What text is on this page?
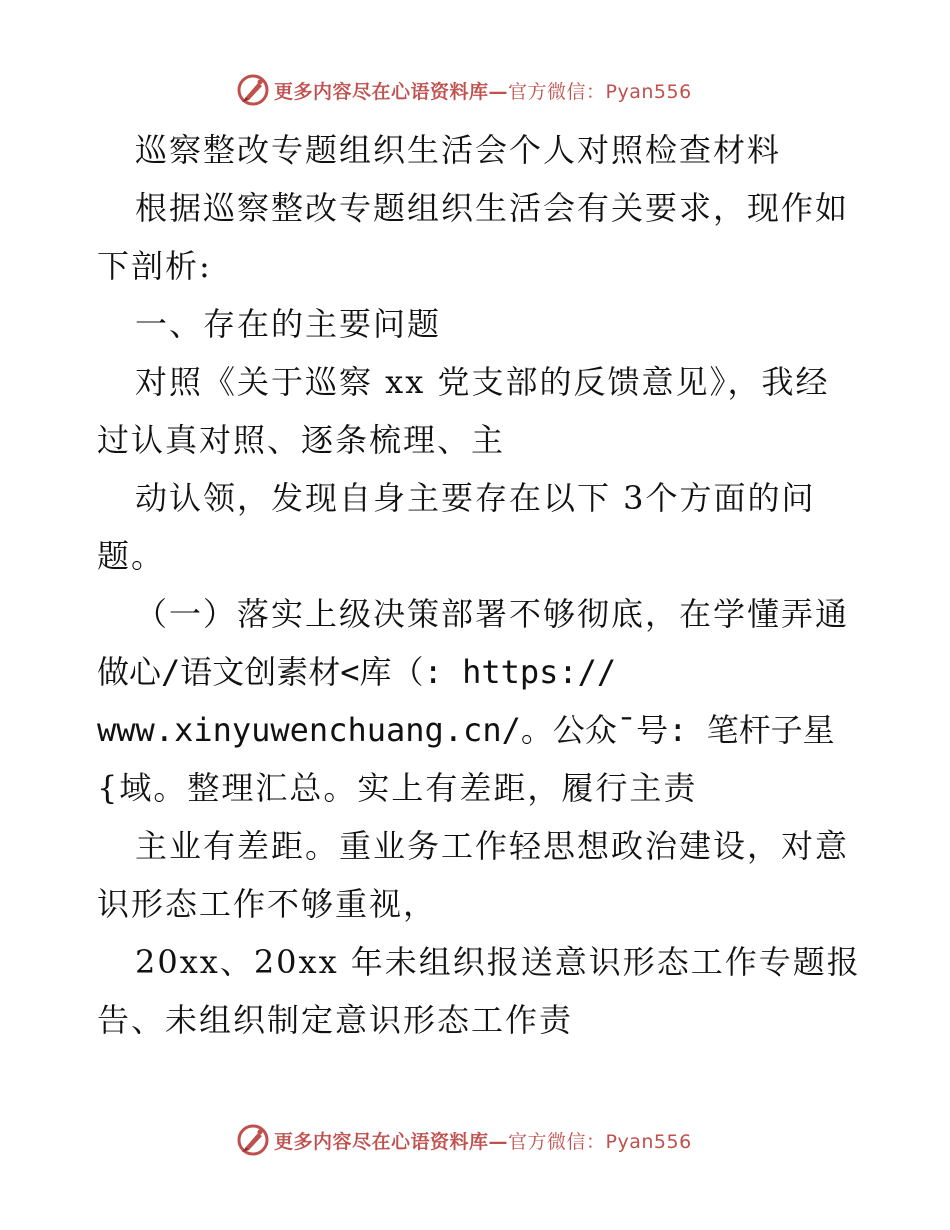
更多内容尽在心语资料库—官方微信：Pyan556
巡察整改专题组织生活会个人对照检查材料
根据巡察整改专题组织生活会有关要求，现作如
下剖析:
一、存在的主要问题
对照《关于巡察 xx 党支部的反馈意见》，我经
过认真对照、逐条梳理、主
动认领，发现自身主要存在以下 3个方面的问
题。
（一）落实上级决策部署不够彻底，在学懂弄通
做心/语文创素材<库（: https://
www.xinyuwenchuang.cn/。公众¯号: 笔杆子星
{域。整理汇总。实上有差距，履行主责
主业有差距。重业务工作轻思想政治建设，对意
识形态工作不够重视，
20xx、20xx 年未组织报送意识形态工作专题报
告、未组织制定意识形态工作责
更多内容尽在心语资料库—官方微信：Pyan556
